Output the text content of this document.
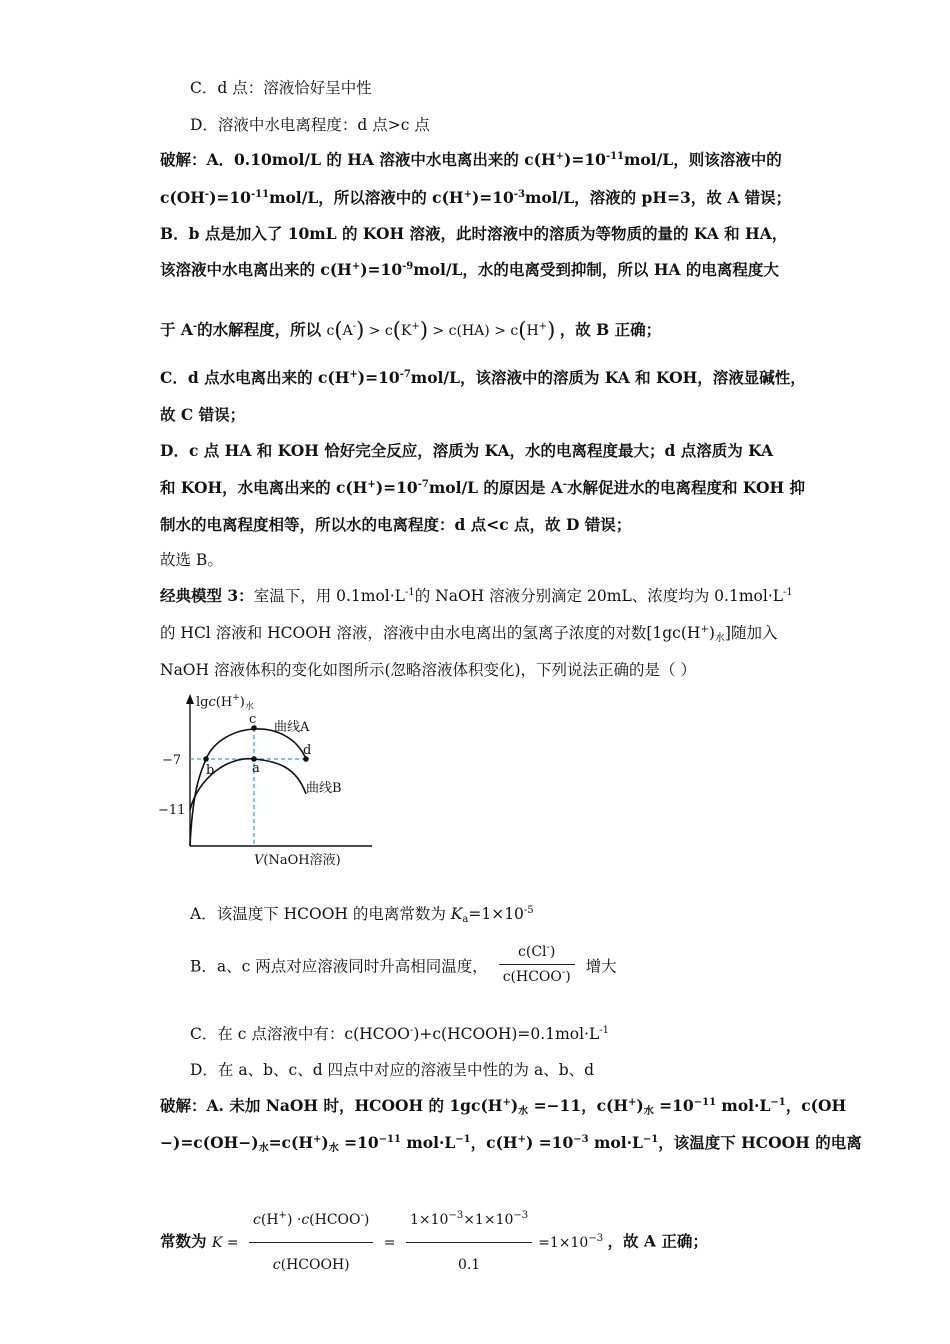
C．d 点：溶液恰好呈中性
D．溶液中水电离程度：d 点>c 点
破解：A．0.10mol/L 的 HA 溶液中水电离出来的 $c(H^+)=10^{-11}mol/L$，则该溶液中的
$c(OH^-)=10^{-11}mol/L$，所以溶液中的 $c(H^+)=10^{-3}mol/L$，溶液的 pH=3，故 A 错误；
B．b 点是加入了 10mL 的 KOH 溶液，此时溶液中的溶质为等物质的量的 KA 和 HA，
该溶液中水电离出来的 $c(H^+)=10^{-9}mol/L$，水的电离受到抑制，所以 HA 的电离程度大
于 A-的水解程度，所以 c(A-) > c(K+) > c(HA) > c(H+) ，故 B 正确；
C．d 点水电离出来的 $c(H^+)=10^{-7}mol/L$，该溶液中的溶质为 KA 和 KOH，溶液显碱性，
故 C 错误；
D．c 点 HA 和 KOH 恰好完全反应，溶质为 KA，水的电离程度最大；d 点溶质为 KA
和 KOH，水电离出来的 $c(H^+)=10^{-7}mol/L$ 的原因是 A-水解促进水的电离程度和 KOH 抑
制水的电离程度相等，所以水的电离程度：d 点<c 点，故 D 错误；
故选 B。
经典模型 3：室温下，用 $0.1mol\cdot L^{-1}$的 NaOH 溶液分别滴定 20mL、浓度均为 $0.1mol\cdot L^{-1}$
的 HCl 溶液和 HCOOH 溶液，溶液中由水电离出的氢离子浓度的对数$[1gc(H^+)_水]$随加入
NaOH 溶液体积的变化如图所示(忽略溶液体积变化)，下列说法正确的是（ ）
$\lg c(H^+)_水$
V(NaOH溶液)
−7
−11
曲线A
曲线B
c
d
b	a
A．该温度下 HCOOH 的电离常数为 $K_a=1\times 10^{-5}$
B．a、c 两点对应溶液同时升高相同温度， $\frac{c(Cl^-)}{c(HCOO^-)}$ 增大
C．在 c 点溶液中有：$c(HCOO^-)+c(HCOOH)=0.1mol\cdot L^{-1}$
D．在 a、b、c、d 四点中对应的溶液呈中性的为 a、b、d
破解：A. 未加 NaOH 时，HCOOH 的 $1gc(H^+)_水 =-11$，$c(H^+)_水 =10^{-11}$ $mol\cdot L^{-1}$，c(OH
$-)=c(OH-)_水=c(H^+)_水 =10^{-11}$ $mol\cdot L^{-1}$，$c(H^+) =10^{-3}$ $mol\cdot L^{-1}$，该温度下 HCOOH 的电离
常数为 $K = \frac{c(H^+) \cdot c(HCOO^-)}{\text{c(HCOOH)}} = \frac{1\times 10^{-3}\times 1\times 10^{-3}}{0.1} =1\times 10^{-3}$ ，故 A 正确；
